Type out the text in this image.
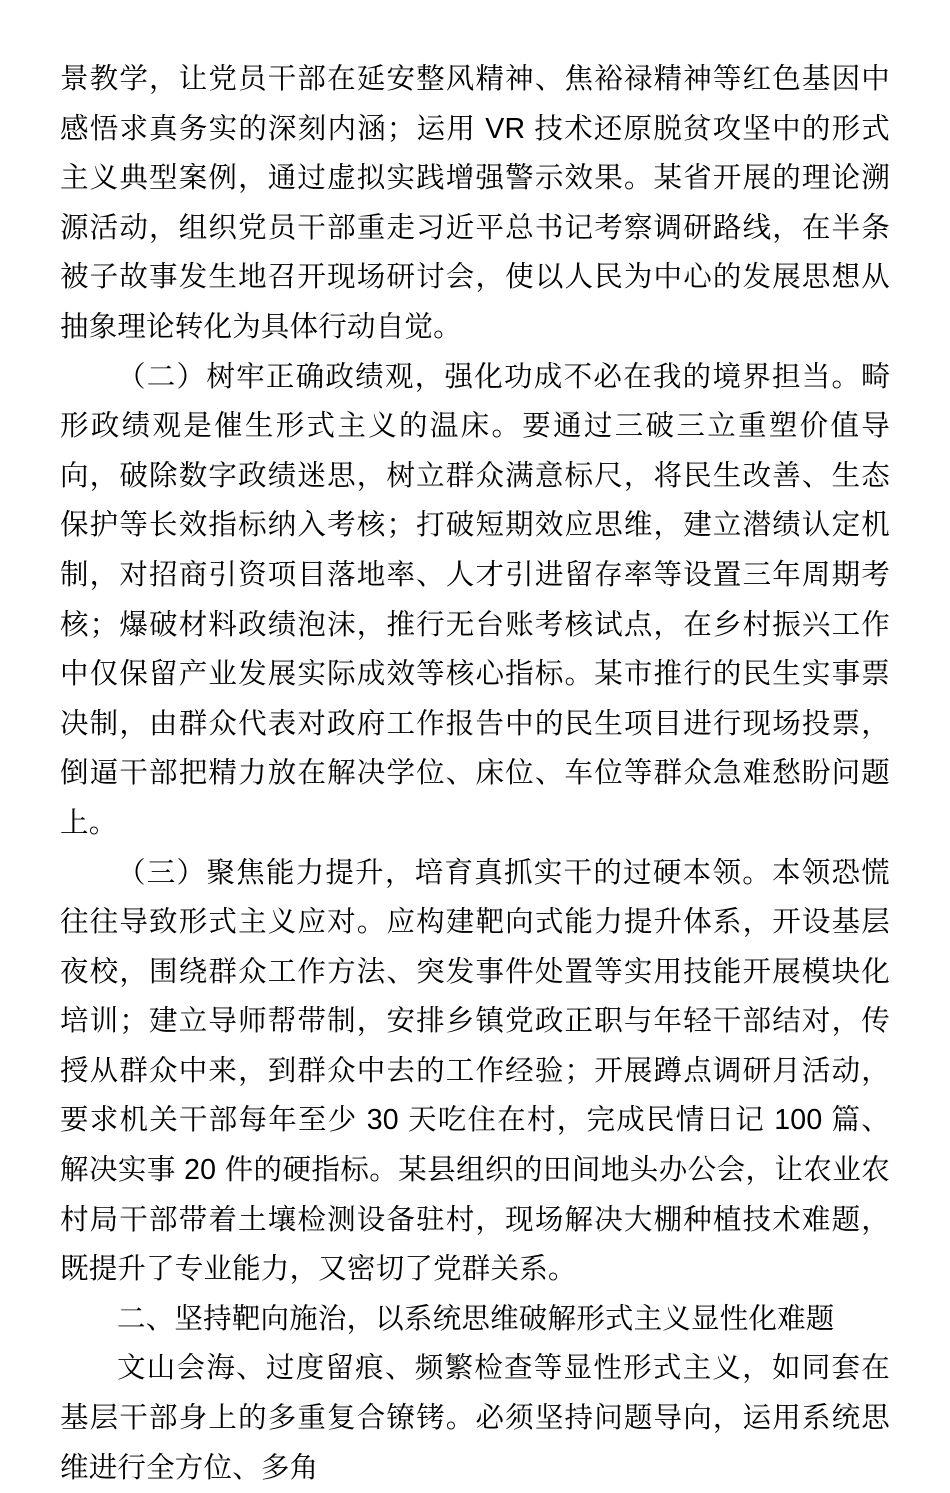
景教学，让党员干部在延安整风精神、焦裕禄精神等红色基因中感悟求真务实的深刻内涵；运用 VR 技术还原脱贫攻坚中的形式主义典型案例，通过虚拟实践增强警示效果。某省开展的理论溯源活动，组织党员干部重走习近平总书记考察调研路线，在半条被子故事发生地召开现场研讨会，使以人民为中心的发展思想从抽象理论转化为具体行动自觉。

（二）树牢正确政绩观，强化功成不必在我的境界担当。畸形政绩观是催生形式主义的温床。要通过三破三立重塑价值导向，破除数字政绩迷思，树立群众满意标尺，将民生改善、生态保护等长效指标纳入考核；打破短期效应思维，建立潜绩认定机制，对招商引资项目落地率、人才引进留存率等设置三年周期考核；爆破材料政绩泡沫，推行无台账考核试点，在乡村振兴工作中仅保留产业发展实际成效等核心指标。某市推行的民生实事票决制，由群众代表对政府工作报告中的民生项目进行现场投票，倒逼干部把精力放在解决学位、床位、车位等群众急难愁盼问题上。

（三）聚焦能力提升，培育真抓实干的过硬本领。本领恐慌往往导致形式主义应对。应构建靶向式能力提升体系，开设基层夜校，围绕群众工作方法、突发事件处置等实用技能开展模块化培训；建立导师帮带制，安排乡镇党政正职与年轻干部结对，传授从群众中来，到群众中去的工作经验；开展蹲点调研月活动，要求机关干部每年至少 30 天吃住在村，完成民情日记 100 篇、解决实事 20 件的硬指标。某县组织的田间地头办公会，让农业农村局干部带着土壤检测设备驻村，现场解决大棚种植技术难题，既提升了专业能力，又密切了党群关系。

二、坚持靶向施治，以系统思维破解形式主义显性化难题

文山会海、过度留痕、频繁检查等显性形式主义，如同套在基层干部身上的多重复合镣铐。必须坚持问题导向，运用系统思维进行全方位、多角
